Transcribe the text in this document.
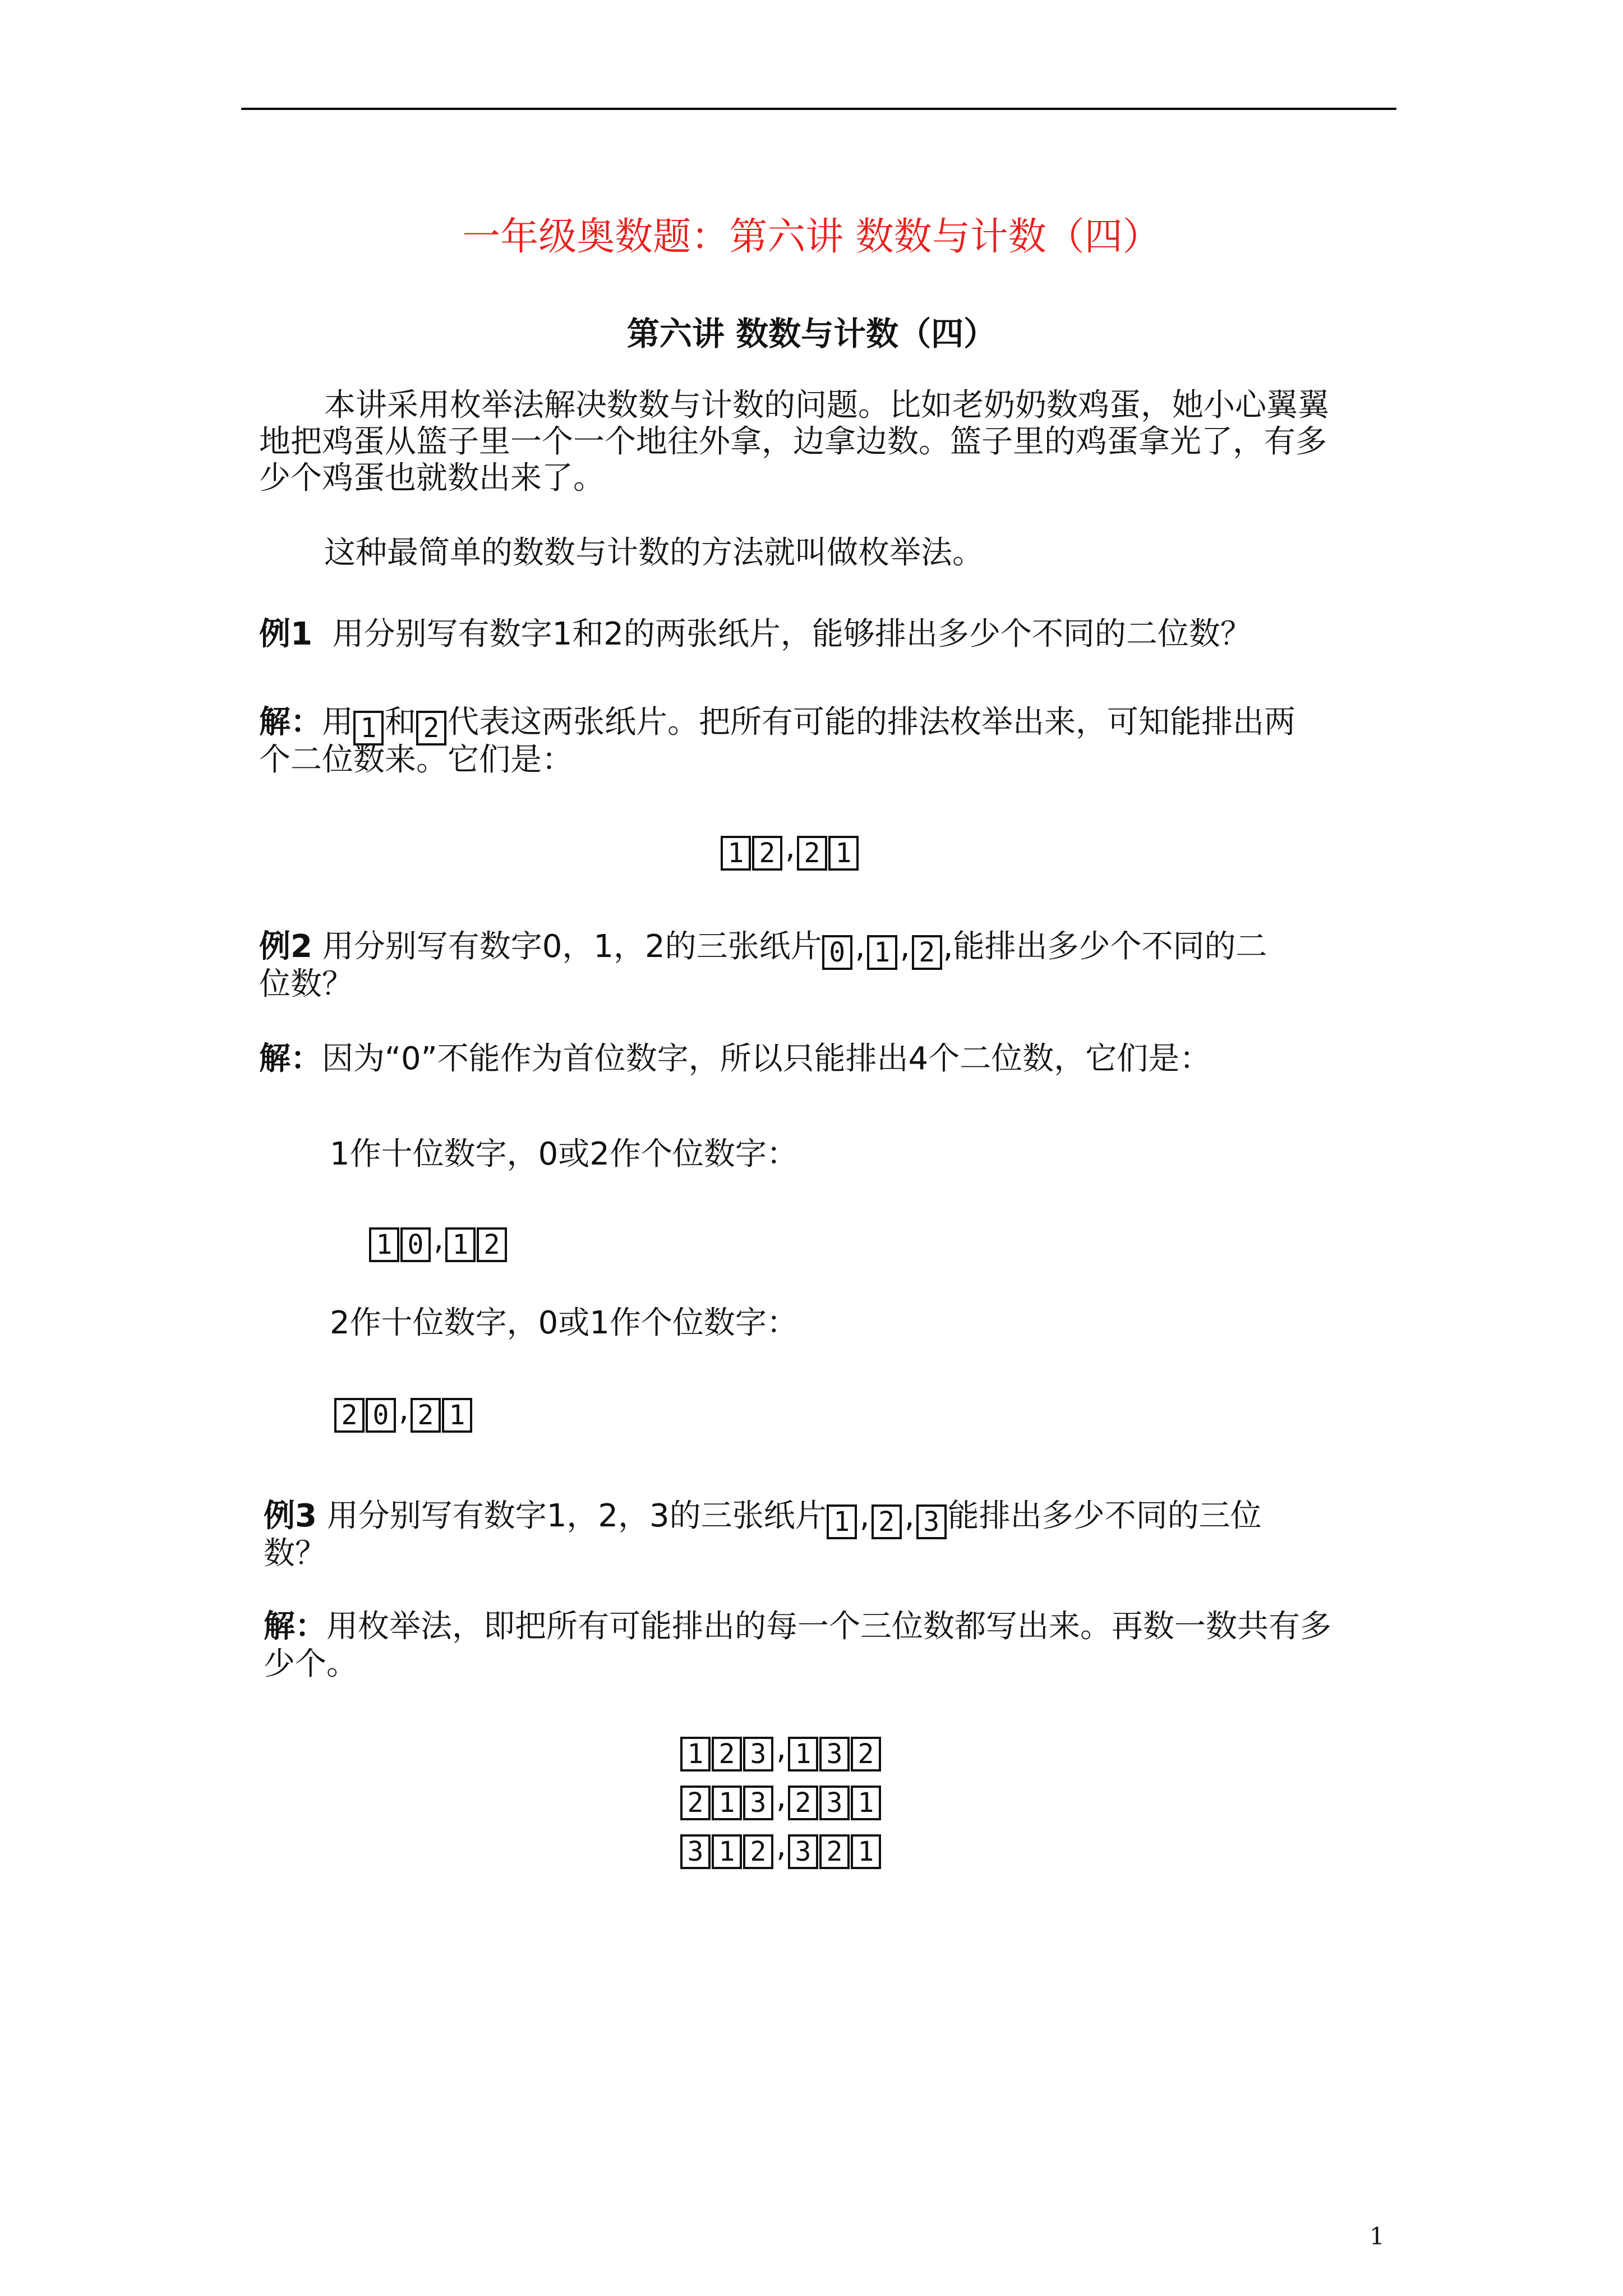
一年级奥数题：第六讲 数数与计数（四）
第六讲 数数与计数（四）
本讲采用枚举法解决数数与计数的问题。比如老奶奶数鸡蛋，她小心翼翼
地把鸡蛋从篮子里一个一个地往外拿，边拿边数。篮子里的鸡蛋拿光了，有多
少个鸡蛋也就数出来了。
这种最简单的数数与计数的方法就叫做枚举法。
例1 用分别写有数字1和2的两张纸片，能够排出多少个不同的二位数？
解：用 1 和 2 代表这两张纸片。把所有可能的排法枚举出来，可知能排出两
个二位数来。它们是：
1 2 , 2 1
例2 用分别写有数字0，1，2的三张纸片 0 , 1 , 2 ,能排出多少个不同的二
位数？
解：因为“0”不能作为首位数字，所以只能排出4个二位数，它们是：
1作十位数字，0或2作个位数字：
1 0 , 1 2
2作十位数字，0或1作个位数字：
2 0 , 2 1
例3 用分别写有数字1，2，3的三张纸片 1 , 2 , 3 能排出多少不同的三位
数？
解：用枚举法，即把所有可能排出的每一个三位数都写出来。再数一数共有多
少个。
1 2 3 , 1 3 2
2 1 3 , 2 3 1
3 1 2 , 3 2 1
1
